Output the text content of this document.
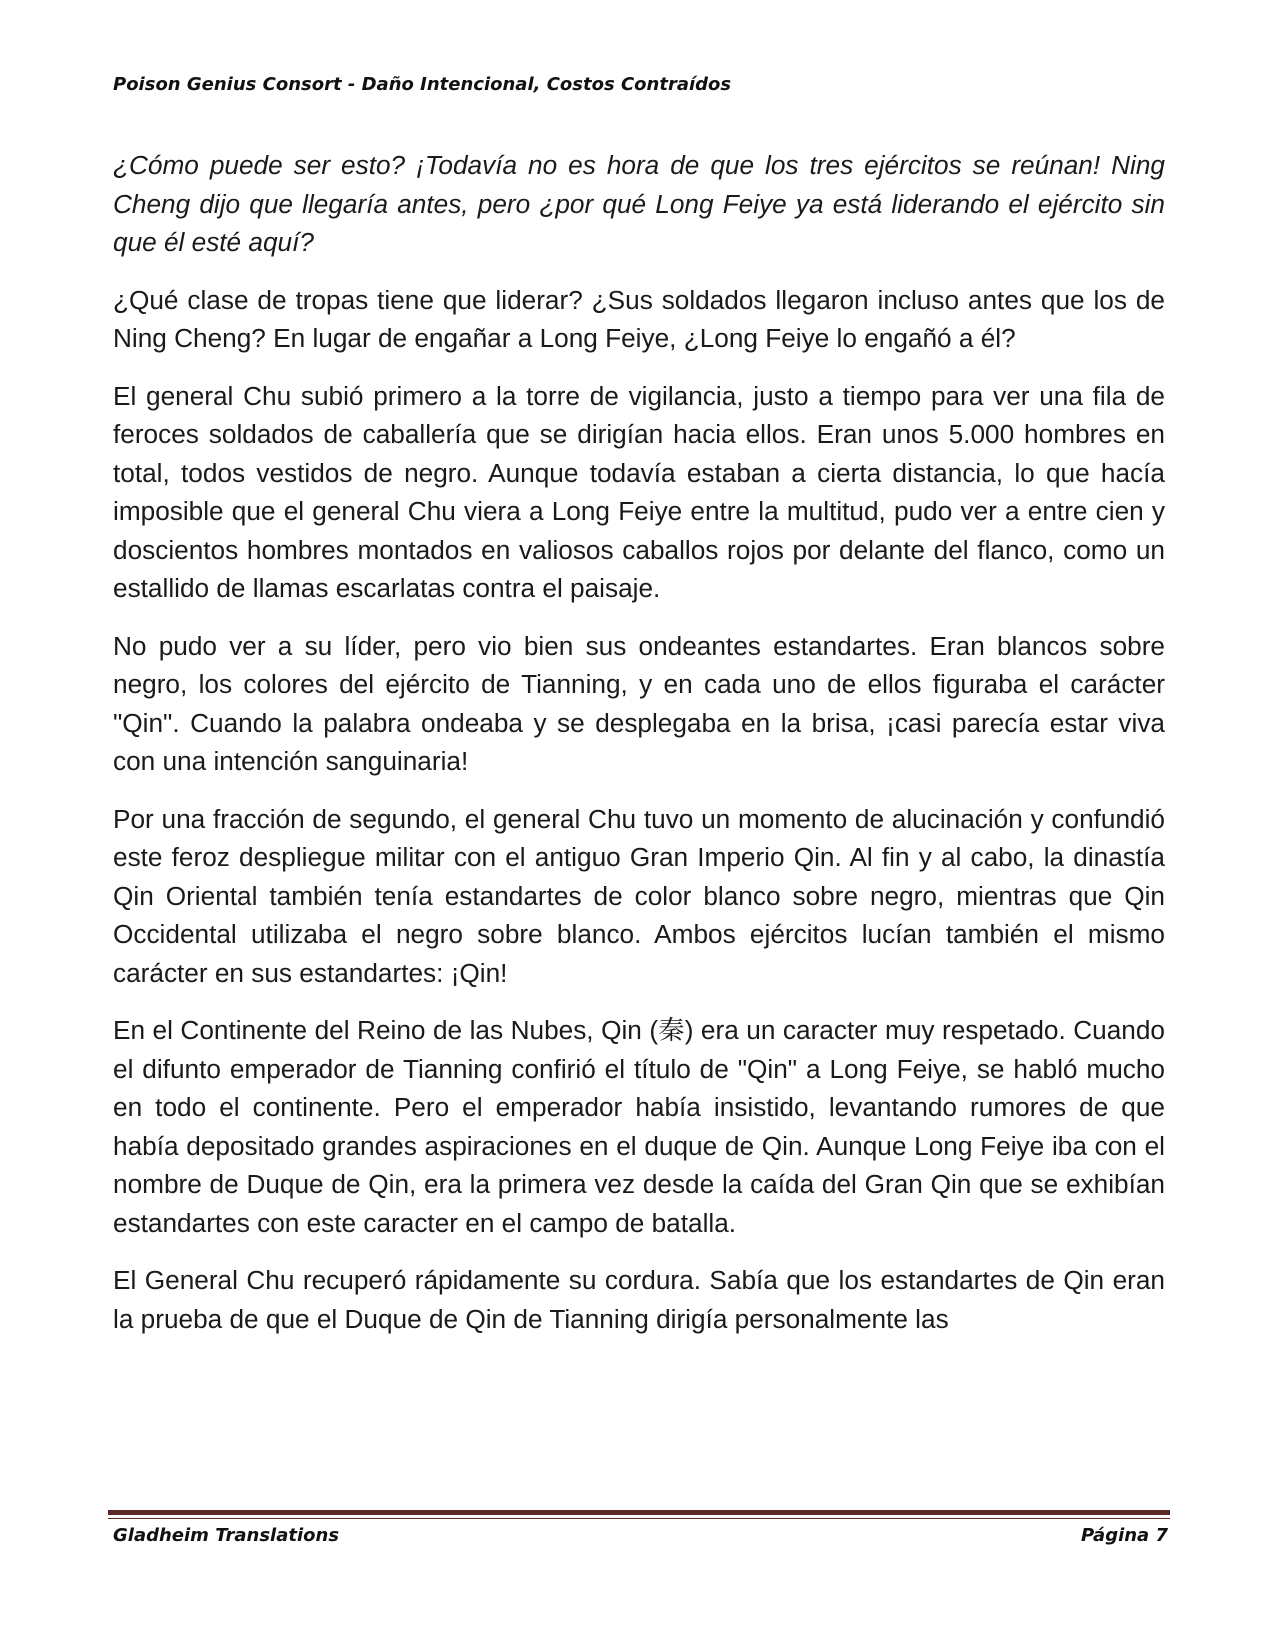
Poison Genius Consort - Daño Intencional, Costos Contraídos

¿Cómo puede ser esto? ¡Todavía no es hora de que los tres ejércitos se reúnan! Ning Cheng dijo que llegaría antes, pero ¿por qué Long Feiye ya está liderando el ejército sin que él esté aquí?

¿Qué clase de tropas tiene que liderar? ¿Sus soldados llegaron incluso antes que los de Ning Cheng? En lugar de engañar a Long Feiye, ¿Long Feiye lo engañó a él?

El general Chu subió primero a la torre de vigilancia, justo a tiempo para ver una fila de feroces soldados de caballería que se dirigían hacia ellos. Eran unos 5.000 hombres en total, todos vestidos de negro. Aunque todavía estaban a cierta distancia, lo que hacía imposible que el general Chu viera a Long Feiye entre la multitud, pudo ver a entre cien y doscientos hombres montados en valiosos caballos rojos por delante del flanco, como un estallido de llamas escarlatas contra el paisaje.

No pudo ver a su líder, pero vio bien sus ondeantes estandartes. Eran blancos sobre negro, los colores del ejército de Tianning, y en cada uno de ellos figuraba el carácter "Qin". Cuando la palabra ondeaba y se desplegaba en la brisa, ¡casi parecía estar viva con una intención sanguinaria!

Por una fracción de segundo, el general Chu tuvo un momento de alucinación y confundió este feroz despliegue militar con el antiguo Gran Imperio Qin. Al fin y al cabo, la dinastía Qin Oriental también tenía estandartes de color blanco sobre negro, mientras que Qin Occidental utilizaba el negro sobre blanco. Ambos ejércitos lucían también el mismo carácter en sus estandartes: ¡Qin!

En el Continente del Reino de las Nubes, Qin (秦) era un caracter muy respetado. Cuando el difunto emperador de Tianning confirió el título de "Qin" a Long Feiye, se habló mucho en todo el continente. Pero el emperador había insistido, levantando rumores de que había depositado grandes aspiraciones en el duque de Qin. Aunque Long Feiye iba con el nombre de Duque de Qin, era la primera vez desde la caída del Gran Qin que se exhibían estandartes con este caracter en el campo de batalla.

El General Chu recuperó rápidamente su cordura. Sabía que los estandartes de Qin eran la prueba de que el Duque de Qin de Tianning dirigía personalmente las

Gladheim Translations	Página 7
